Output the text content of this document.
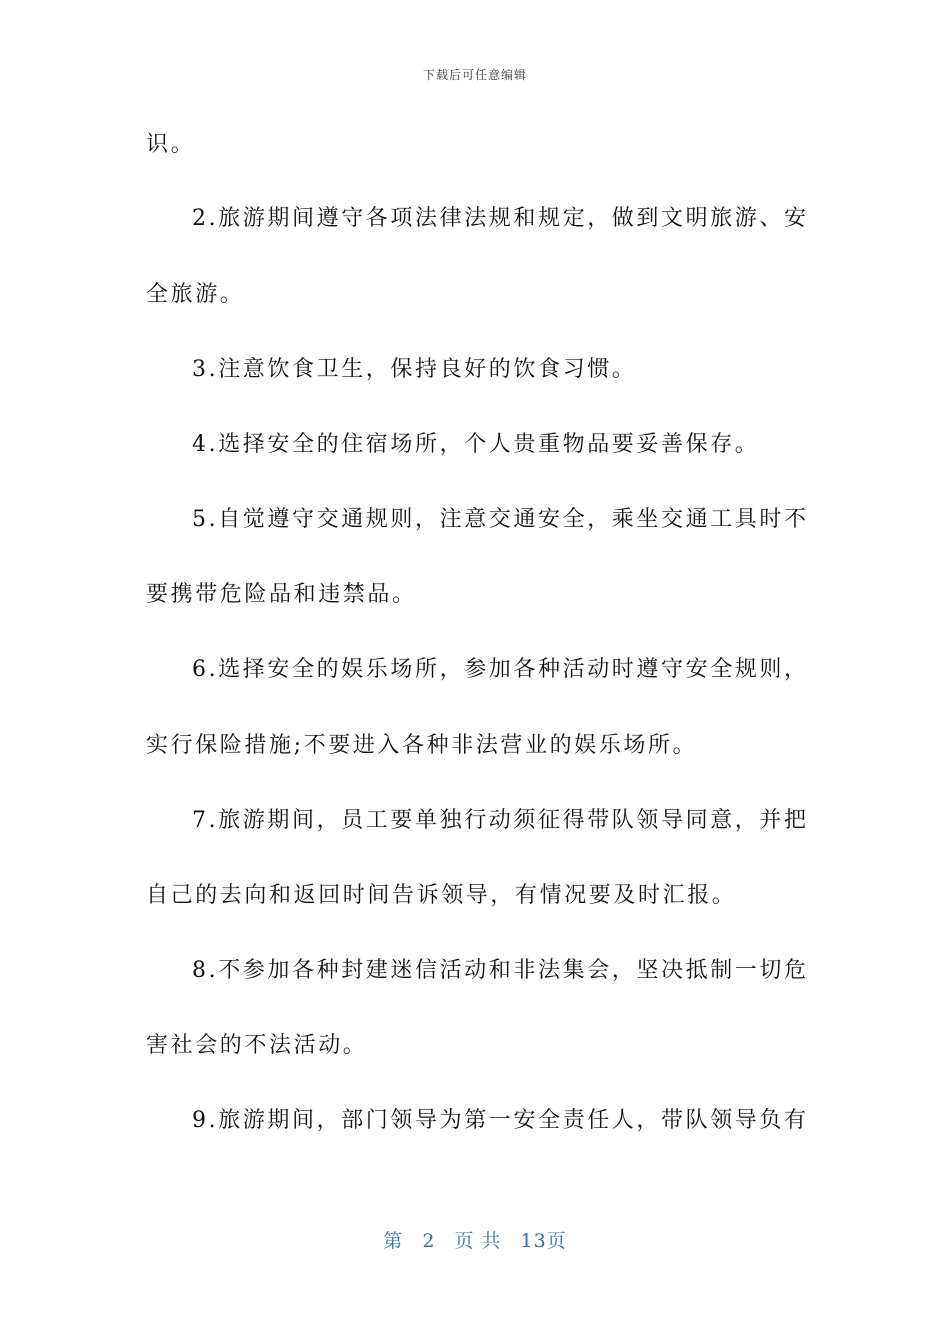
下载后可任意编辑
识。
2.旅游期间遵守各项法律法规和规定，做到文明旅游、安
全旅游。
3.注意饮食卫生，保持良好的饮食习惯。
4.选择安全的住宿场所，个人贵重物品要妥善保存。
5.自觉遵守交通规则，注意交通安全，乘坐交通工具时不
要携带危险品和违禁品。
6.选择安全的娱乐场所，参加各种活动时遵守安全规则，
实行保险措施;不要进入各种非法营业的娱乐场所。
7.旅游期间，员工要单独行动须征得带队领导同意，并把
自己的去向和返回时间告诉领导，有情况要及时汇报。
8.不参加各种封建迷信活动和非法集会，坚决抵制一切危
害社会的不法活动。
9.旅游期间，部门领导为第一安全责任人，带队领导负有
第 2 页 共 13页
